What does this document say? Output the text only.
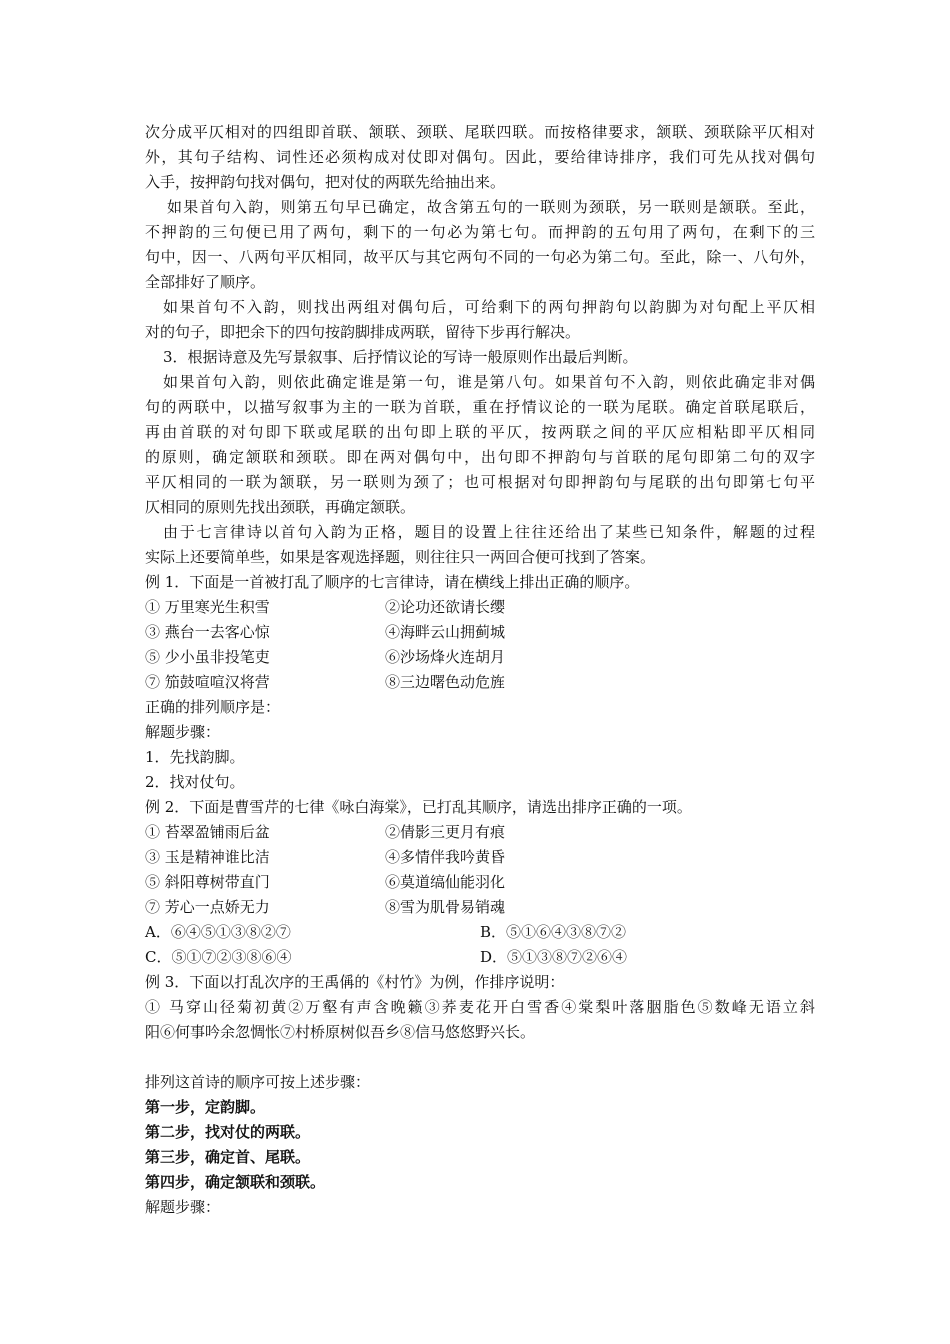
次分成平仄相对的四组即首联、颔联、颈联、尾联四联。而按格律要求，颔联、颈联除平仄相对
外，其句子结构、词性还必须构成对仗即对偶句。因此，要给律诗排序，我们可先从找对偶句
入手，按押韵句找对偶句，把对仗的两联先给抽出来。
如果首句入韵，则第五句早已确定，故含第五句的一联则为颈联，另一联则是颔联。至此，
不押韵的三句便已用了两句，剩下的一句必为第七句。而押韵的五句用了两句，在剩下的三
句中，因一、八两句平仄相同，故平仄与其它两句不同的一句必为第二句。至此，除一、八句外，
全部排好了顺序。
如果首句不入韵，则找出两组对偶句后，可给剩下的两句押韵句以韵脚为对句配上平仄相
对的句子，即把余下的四句按韵脚排成两联，留待下步再行解决。
3．根据诗意及先写景叙事、后抒情议论的写诗一般原则作出最后判断。
如果首句入韵，则依此确定谁是第一句，谁是第八句。如果首句不入韵，则依此确定非对偶
句的两联中，以描写叙事为主的一联为首联，重在抒情议论的一联为尾联。确定首联尾联后，
再由首联的对句即下联或尾联的出句即上联的平仄，按两联之间的平仄应相粘即平仄相同
的原则，确定颔联和颈联。即在两对偶句中，出句即不押韵句与首联的尾句即第二句的双字
平仄相同的一联为颔联，另一联则为颈了；也可根据对句即押韵句与尾联的出句即第七句平
仄相同的原则先找出颈联，再确定颔联。
由于七言律诗以首句入韵为正格，题目的设置上往往还给出了某些已知条件，解题的过程
实际上还要简单些，如果是客观选择题，则往往只一两回合便可找到了答案。
例 1．下面是一首被打乱了顺序的七言律诗，请在横线上排出正确的顺序。
① 万里寒光生积雪	②论功还欲请长缨
③ 燕台一去客心惊	④海畔云山拥蓟城
⑤ 少小虽非投笔吏	⑥沙场烽火连胡月
⑦ 笳鼓喧喧汉将营	⑧三边曙色动危旌
正确的排列顺序是：
解题步骤：
1．先找韵脚。
2．找对仗句。
例 2．下面是曹雪芹的七律《咏白海棠》，已打乱其顺序，请选出排序正确的一项。
① 苔翠盈铺雨后盆	②倩影三更月有痕
③ 玉是精神谁比洁	④多情伴我吟黄昏
⑤ 斜阳尊树带直门	⑥莫道缟仙能羽化
⑦ 芳心一点娇无力	⑧雪为肌骨易销魂
A．⑥④⑤①③⑧②⑦	B．⑤①⑥④③⑧⑦②
C．⑤①⑦②③⑧⑥④	D．⑤①③⑧⑦②⑥④
例 3．下面以打乱次序的王禹偁的《村竹》为例，作排序说明：
① 马穿山径菊初黄②万壑有声含晚籁③荞麦花开白雪香④棠梨叶落胭脂色⑤数峰无语立斜
阳⑥何事吟余忽惆怅⑦村桥原树似吾乡⑧信马悠悠野兴长。
排列这首诗的顺序可按上述步骤：
第一步，定韵脚。
第二步，找对仗的两联。
第三步，确定首、尾联。
第四步，确定颔联和颈联。
解题步骤：
